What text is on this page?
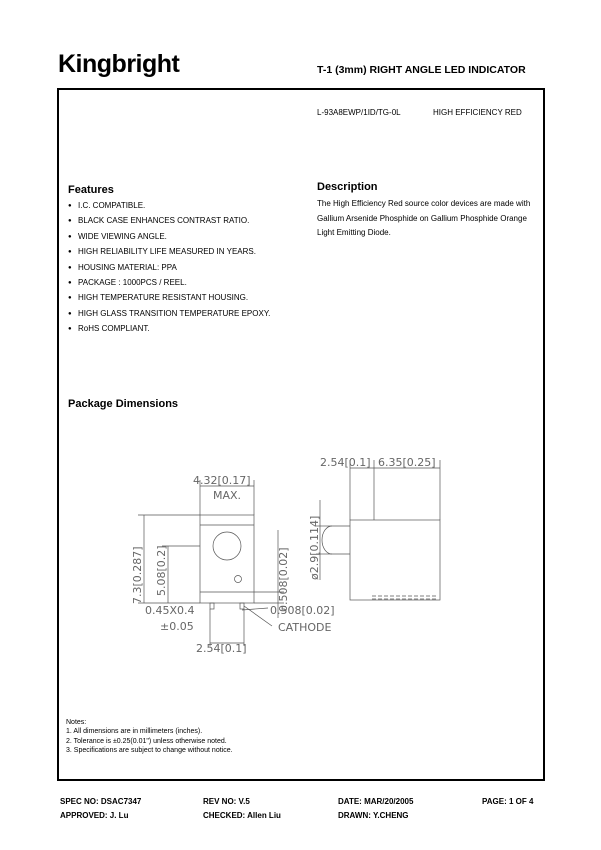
Kingbright	T-1 (3mm) RIGHT ANGLE LED INDICATOR
L-93A8EWP/1ID/TG-0L	HIGH EFFICIENCY RED
Features
● I.C. COMPATIBLE.
● BLACK CASE ENHANCES CONTRAST RATIO.
● WIDE VIEWING ANGLE.
● HIGH RELIABILITY LIFE MEASURED IN YEARS.
● HOUSING MATERIAL: PPA
● PACKAGE : 1000PCS / REEL.
● HIGH TEMPERATURE RESISTANT HOUSING.
● HIGH GLASS TRANSITION TEMPERATURE EPOXY.
● RoHS COMPLIANT.
Description

The High Efficiency Red source color devices are made with Gallium Arsenide Phosphide on Gallium Phosphide Orange Light Emitting Diode.

Package Dimensions
4.32[0.17]
MAX.
7.3[0.287] 5.08[0.2]	0.508[0.02]
0.45X0.4
±0.05
0.508[0.02]
CATHODE
2.54[0.1]
2.54[0.1] 6.35[0.25]
ø2.9[0.114]
Notes:
1. All dimensions are in millimeters (inches).
2. Tolerance is ±0.25(0.01") unless otherwise noted.
3. Specifications are subject to change without notice.
SPEC NO: DSAC7347	REV NO: V.5	DATE: MAR/20/2005	PAGE: 1 OF 4
APPROVED: J. Lu	CHECKED: Allen Liu	DRAWN: Y.CHENG
